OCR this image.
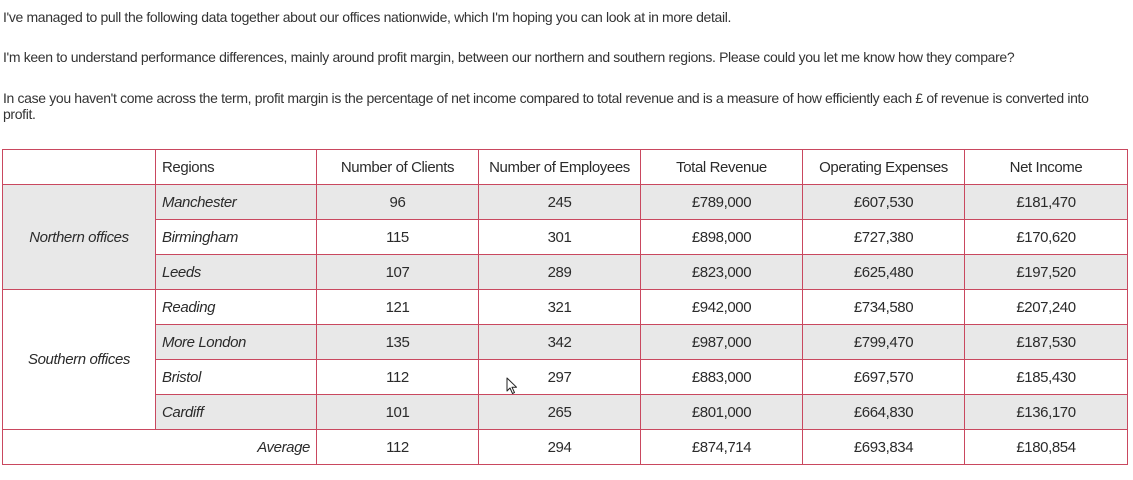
I've managed to pull the following data together about our offices nationwide, which I'm hoping you can look at in more detail.

I'm keen to understand performance differences, mainly around profit margin, between our northern and southern regions. Please could you let me know how they compare?

In case you haven't come across the term, profit margin is the percentage of net income compared to total revenue and is a measure of how efficiently each £ of revenue is converted into profit.

	Regions	Number of Clients	Number of Employees	Total Revenue	Operating Expenses	Net Income
Northern offices	Manchester	96	245	£789,000	£607,530	£181,470
	Birmingham	115	301	£898,000	£727,380	£170,620
	Leeds	107	289	£823,000	£625,480	£197,520
Southern offices	Reading	121	321	£942,000	£734,580	£207,240
	More London	135	342	£987,000	£799,470	£187,530
	Bristol	112	297	£883,000	£697,570	£185,430
	Cardiff	101	265	£801,000	£664,830	£136,170
Average		112	294	£874,714	£693,834	£180,854
